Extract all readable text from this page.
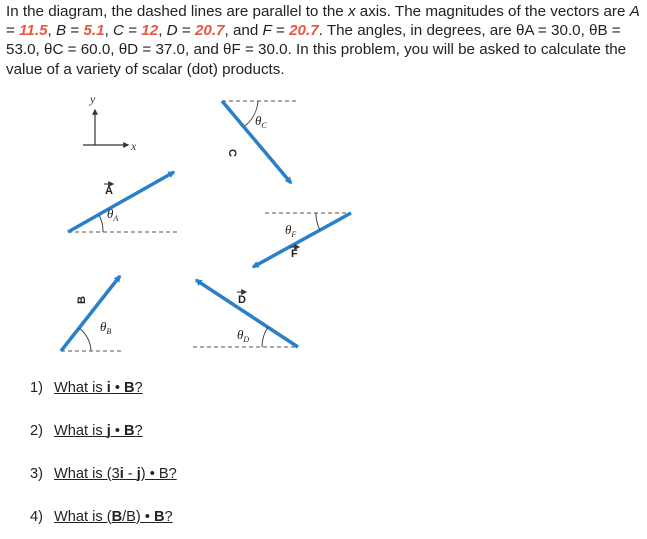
In the diagram, the dashed lines are parallel to the x axis. The magnitudes of the vectors are A = 11.5, B = 5.1, C = 12, D = 20.7, and F = 20.7. The angles, in degrees, are θA = 30.0, θB = 53.0, θC = 60.0, θD = 37.0, and θF = 30.0. In this problem, you will be asked to calculate the value of a variety of scalar (dot) products.

y
x
$\theta_A$
A
$\theta_B$
B
$\theta_C$
C
$\theta_F$
F
$\theta_D$
D
1) What is i • B?
2) What is j • B?
3) What is (3i - j) • B?
4) What is (B/B) • B?
